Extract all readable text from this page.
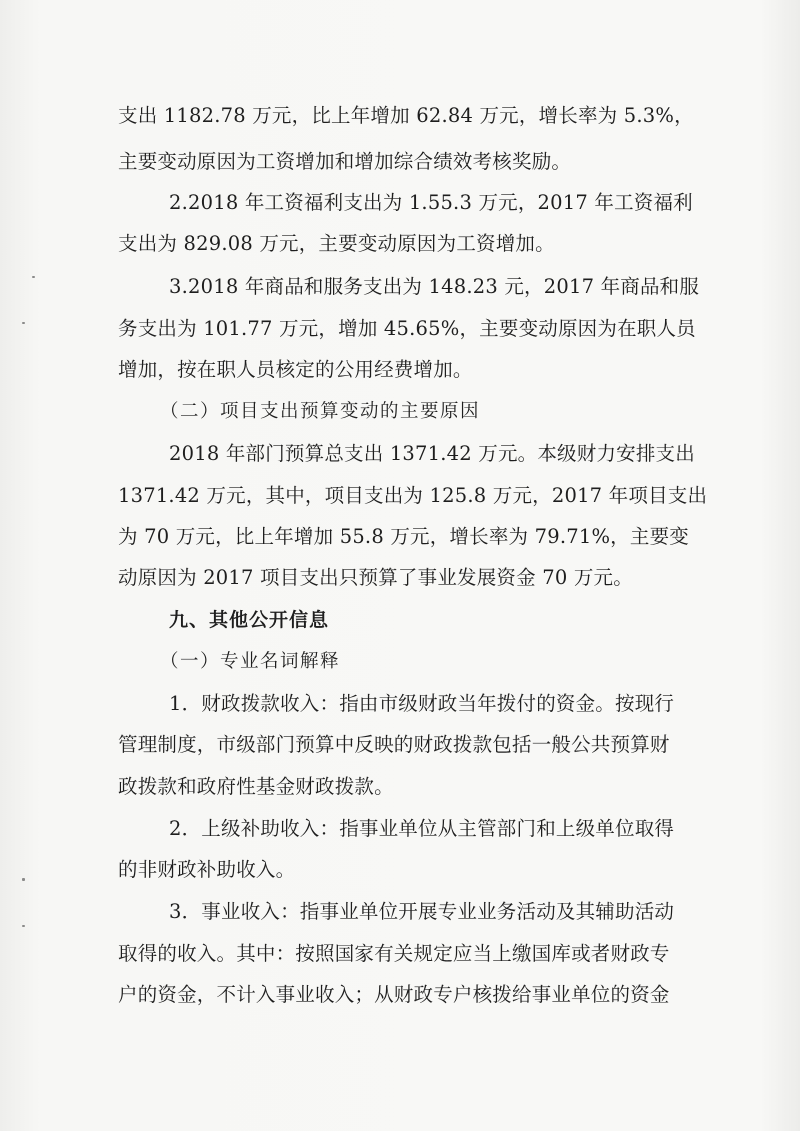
支出 1182.78 万元，比上年增加 62.84 万元，增长率为 5.3%，
主要变动原因为工资增加和增加综合绩效考核奖励。
2.2018 年工资福利支出为 1.55.3 万元，2017 年工资福利
支出为 829.08 万元，主要变动原因为工资增加。
3.2018 年商品和服务支出为 148.23 元，2017 年商品和服
务支出为 101.77 万元，增加 45.65%，主要变动原因为在职人员
增加，按在职人员核定的公用经费增加。
（二）项目支出预算变动的主要原因
2018 年部门预算总支出 1371.42 万元。本级财力安排支出
1371.42 万元，其中，项目支出为 125.8 万元，2017 年项目支出
为 70 万元，比上年增加 55.8 万元，增长率为 79.71%，主要变
动原因为 2017 项目支出只预算了事业发展资金 70 万元。
九、其他公开信息
（一）专业名词解释
1．财政拨款收入：指由市级财政当年拨付的资金。按现行
管理制度，市级部门预算中反映的财政拨款包括一般公共预算财
政拨款和政府性基金财政拨款。
2．上级补助收入：指事业单位从主管部门和上级单位取得
的非财政补助收入。
3．事业收入：指事业单位开展专业业务活动及其辅助活动
取得的收入。其中：按照国家有关规定应当上缴国库或者财政专
户的资金，不计入事业收入；从财政专户核拨给事业单位的资金
